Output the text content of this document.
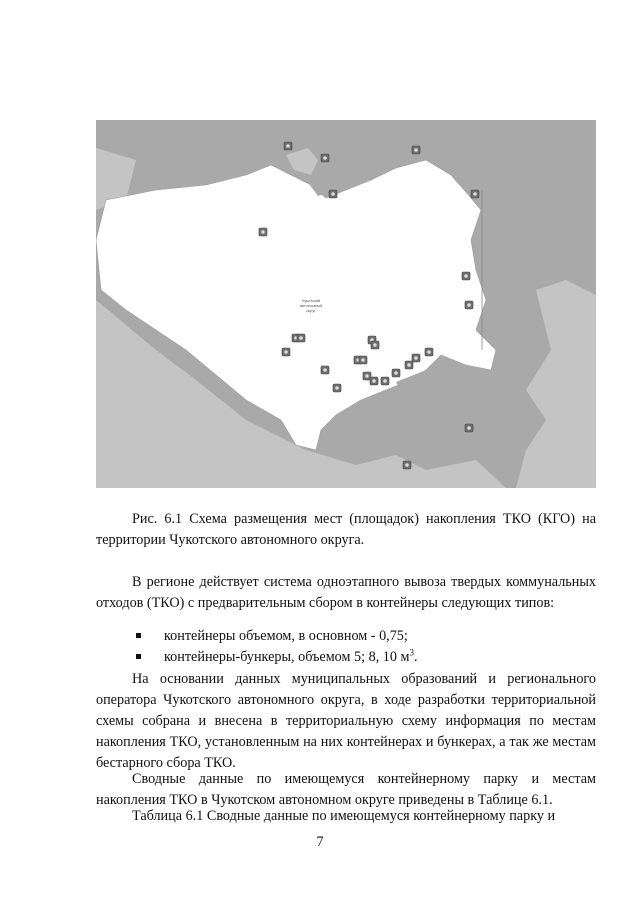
Чукотский
автономный
округ
Рис. 6.1 Схема размещения мест (площадок) накопления ТКО (КГО) на территории Чукотского автономного округа.
В регионе действует система одноэтапного вывоза твердых коммунальных отходов (ТКО) с предварительным сбором в контейнеры следующих типов:
контейнеры объемом, в основном - 0,75;
контейнеры-бункеры, объемом 5; 8, 10 $м^3$.
На основании данных муниципальных образований и регионального оператора Чукотского автономного округа, в ходе разработки территориальной схемы собрана и внесена в территориальную схему информация по местам накопления ТКО, установленным на них контейнерах и бункерах, а так же местам бестарного сбора ТКО.
Сводные данные по имеющемуся контейнерному парку и местам накопления ТКО в Чукотском автономном округе приведены в Таблице 6.1.
Таблица 6.1 Сводные данные по имеющемуся контейнерному парку и
7
